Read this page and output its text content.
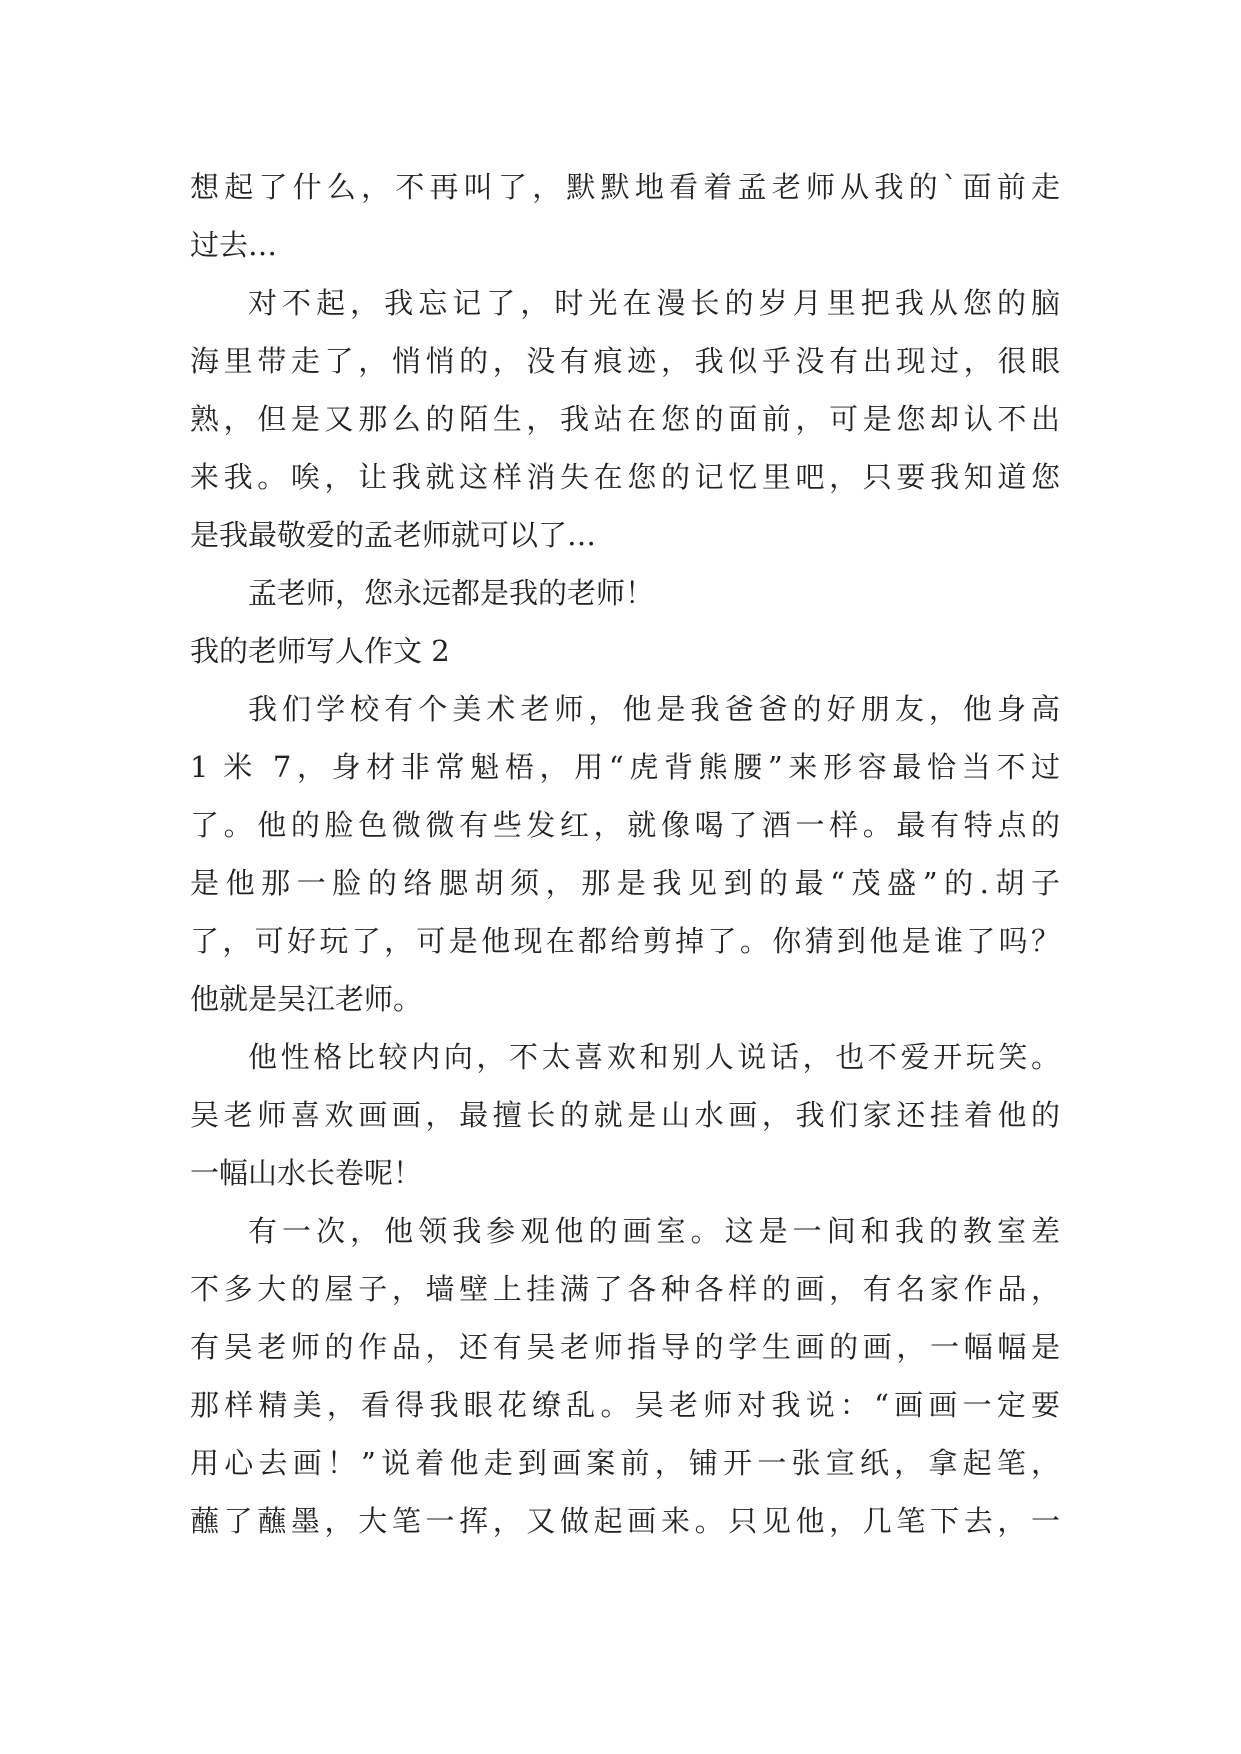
想起了什么，不再叫了，默默地看着孟老师从我的`面前走
过去…
对不起，我忘记了，时光在漫长的岁月里把我从您的脑
海里带走了，悄悄的，没有痕迹，我似乎没有出现过，很眼
熟，但是又那么的陌生，我站在您的面前，可是您却认不出
来我。唉，让我就这样消失在您的记忆里吧，只要我知道您
是我最敬爱的孟老师就可以了…
孟老师，您永远都是我的老师！
我的老师写人作文 2
我们学校有个美术老师，他是我爸爸的好朋友，他身高
1 米 7，身材非常魁梧，用“虎背熊腰”来形容最恰当不过
了。他的脸色微微有些发红，就像喝了酒一样。最有特点的
是他那一脸的络腮胡须，那是我见到的最“茂盛”的.胡子
了，可好玩了，可是他现在都给剪掉了。你猜到他是谁了吗？
他就是吴江老师。
他性格比较内向，不太喜欢和别人说话，也不爱开玩笑。
吴老师喜欢画画，最擅长的就是山水画，我们家还挂着他的
一幅山水长卷呢！
有一次，他领我参观他的画室。这是一间和我的教室差
不多大的屋子，墙壁上挂满了各种各样的画，有名家作品，
有吴老师的作品，还有吴老师指导的学生画的画，一幅幅是
那样精美，看得我眼花缭乱。吴老师对我说：“画画一定要
用心去画！”说着他走到画案前，铺开一张宣纸，拿起笔，
蘸了蘸墨，大笔一挥，又做起画来。只见他，几笔下去，一
